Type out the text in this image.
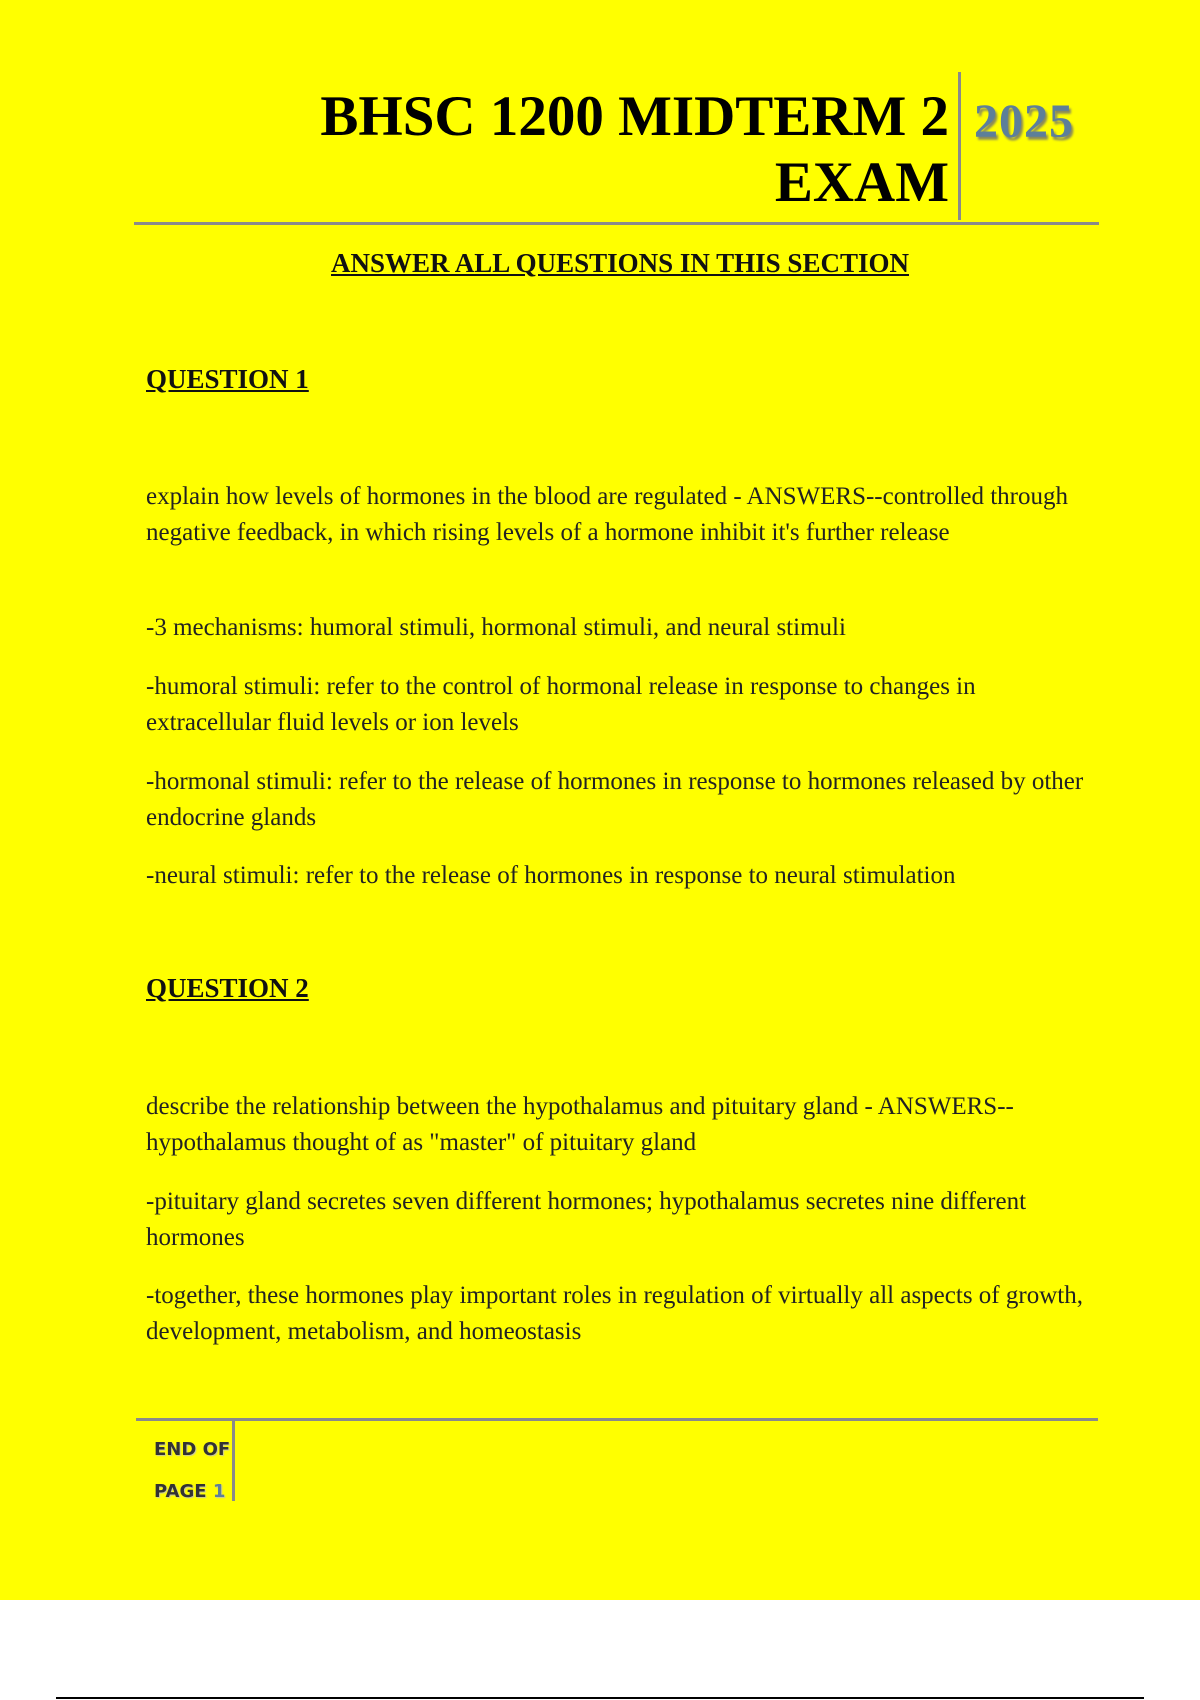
BHSC 1200 MIDTERM 2
EXAM
2025
ANSWER ALL QUESTIONS IN THIS SECTION
QUESTION 1

explain how levels of hormones in the blood are regulated - ANSWERS--controlled through negative feedback, in which rising levels of a hormone inhibit it's further release

-3 mechanisms: humoral stimuli, hormonal stimuli, and neural stimuli

-humoral stimuli: refer to the control of hormonal release in response to changes in extracellular fluid levels or ion levels

-hormonal stimuli: refer to the release of hormones in response to hormones released by other endocrine glands

-neural stimuli: refer to the release of hormones in response to neural stimulation

QUESTION 2

describe the relationship between the hypothalamus and pituitary gland - ANSWERS--hypothalamus thought of as "master" of pituitary gland

-pituitary gland secretes seven different hormones; hypothalamus secretes nine different hormones

-together, these hormones play important roles in regulation of virtually all aspects of growth, development, metabolism, and homeostasis

END OF
PAGE 1
